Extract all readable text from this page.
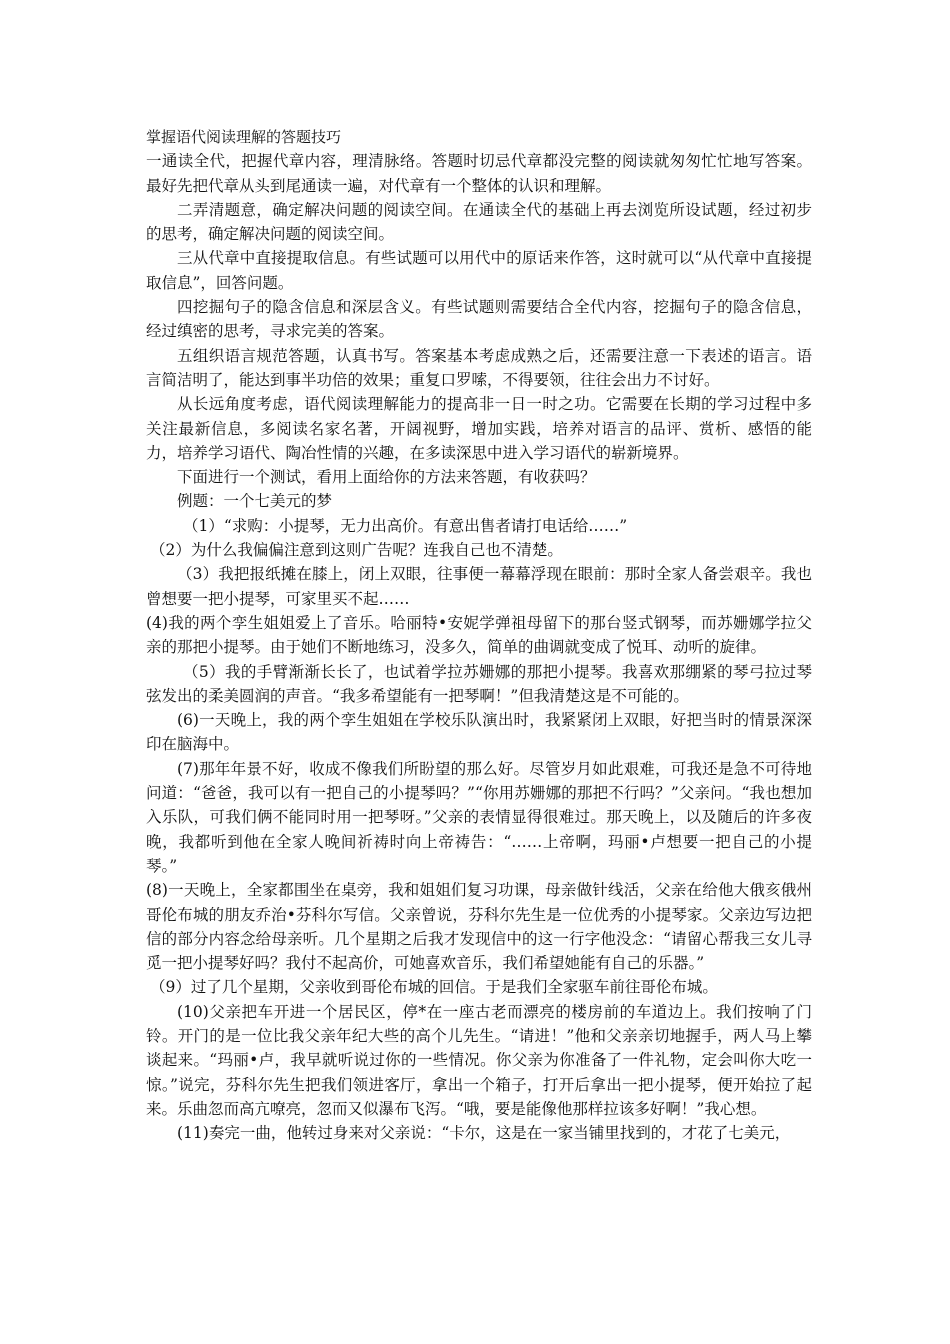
掌握语代阅读理解的答题技巧

一通读全代，把握代章内容，理清脉络。答题时切忌代章都没完整的阅读就匆匆忙忙地写答案。最好先把代章从头到尾通读一遍，对代章有一个整体的认识和理解。

二弄清题意，确定解决问题的阅读空间。在通读全代的基础上再去浏览所设试题，经过初步的思考，确定解决问题的阅读空间。

三从代章中直接提取信息。有些试题可以用代中的原话来作答，这时就可以“从代章中直接提取信息”，回答问题。

四挖掘句子的隐含信息和深层含义。有些试题则需要结合全代内容，挖掘句子的隐含信息，经过缜密的思考，寻求完美的答案。

五组织语言规范答题，认真书写。答案基本考虑成熟之后，还需要注意一下表述的语言。语言简洁明了，能达到事半功倍的效果；重复口罗嗦，不得要领，往往会出力不讨好。

从长远角度考虑，语代阅读理解能力的提高非一日一时之功。它需要在长期的学习过程中多关注最新信息，多阅读名家名著，开阔视野，增加实践，培养对语言的品评、赏析、感悟的能力，培养学习语代、陶冶性情的兴趣，在多读深思中进入学习语代的崭新境界。

下面进行一个测试，看用上面给你的方法来答题，有收获吗？

例题：一个七美元的梦

（1）“求购：小提琴，无力出高价。有意出售者请打电话给……”

（2）为什么我偏偏注意到这则广告呢？连我自己也不清楚。

（3）我把报纸摊在膝上，闭上双眼，往事便一幕幕浮现在眼前：那时全家人备尝艰辛。我也曾想要一把小提琴，可家里买不起……

(4)我的两个孪生姐姐爱上了音乐。哈丽特•安妮学弹祖母留下的那台竖式钢琴，而苏姗娜学拉父亲的那把小提琴。由于她们不断地练习，没多久，简单的曲调就变成了悦耳、动听的旋律。

（5）我的手臂渐渐长长了，也试着学拉苏姗娜的那把小提琴。我喜欢那绷紧的琴弓拉过琴弦发出的柔美圆润的声音。“我多希望能有一把琴啊！”但我清楚这是不可能的。

(6)一天晚上，我的两个孪生姐姐在学校乐队演出时，我紧紧闭上双眼，好把当时的情景深深印在脑海中。

(7)那年年景不好，收成不像我们所盼望的那么好。尽管岁月如此艰难，可我还是急不可待地问道：“爸爸，我可以有一把自己的小提琴吗？”“你用苏姗娜的那把不行吗？”父亲问。“我也想加入乐队，可我们俩不能同时用一把琴呀。”父亲的表情显得很难过。那天晚上，以及随后的许多夜晚，我都听到他在全家人晚间祈祷时向上帝祷告：“……上帝啊，玛丽•卢想要一把自己的小提琴。”

(8)一天晚上，全家都围坐在桌旁，我和姐姐们复习功课，母亲做针线活，父亲在给他大俄亥俄州哥伦布城的朋友乔治•芬科尔写信。父亲曾说，芬科尔先生是一位优秀的小提琴家。父亲边写边把信的部分内容念给母亲听。几个星期之后我才发现信中的这一行字他没念：“请留心帮我三女儿寻觅一把小提琴好吗？我付不起高价，可她喜欢音乐，我们希望她能有自己的乐器。”

（9）过了几个星期，父亲收到哥伦布城的回信。于是我们全家驱车前往哥伦布城。

(10)父亲把车开进一个居民区，停*在一座古老而漂亮的楼房前的车道边上。我们按响了门铃。开门的是一位比我父亲年纪大些的高个儿先生。“请进！”他和父亲亲切地握手，两人马上攀谈起来。“玛丽•卢，我早就听说过你的一些情况。你父亲为你准备了一件礼物，定会叫你大吃一惊。”说完，芬科尔先生把我们领进客厅，拿出一个箱子，打开后拿出一把小提琴，便开始拉了起来。乐曲忽而高亢嘹亮，忽而又似瀑布飞泻。“哦，要是能像他那样拉该多好啊！”我心想。

(11)奏完一曲，他转过身来对父亲说：“卡尔，这是在一家当铺里找到的，才花了七美元，
